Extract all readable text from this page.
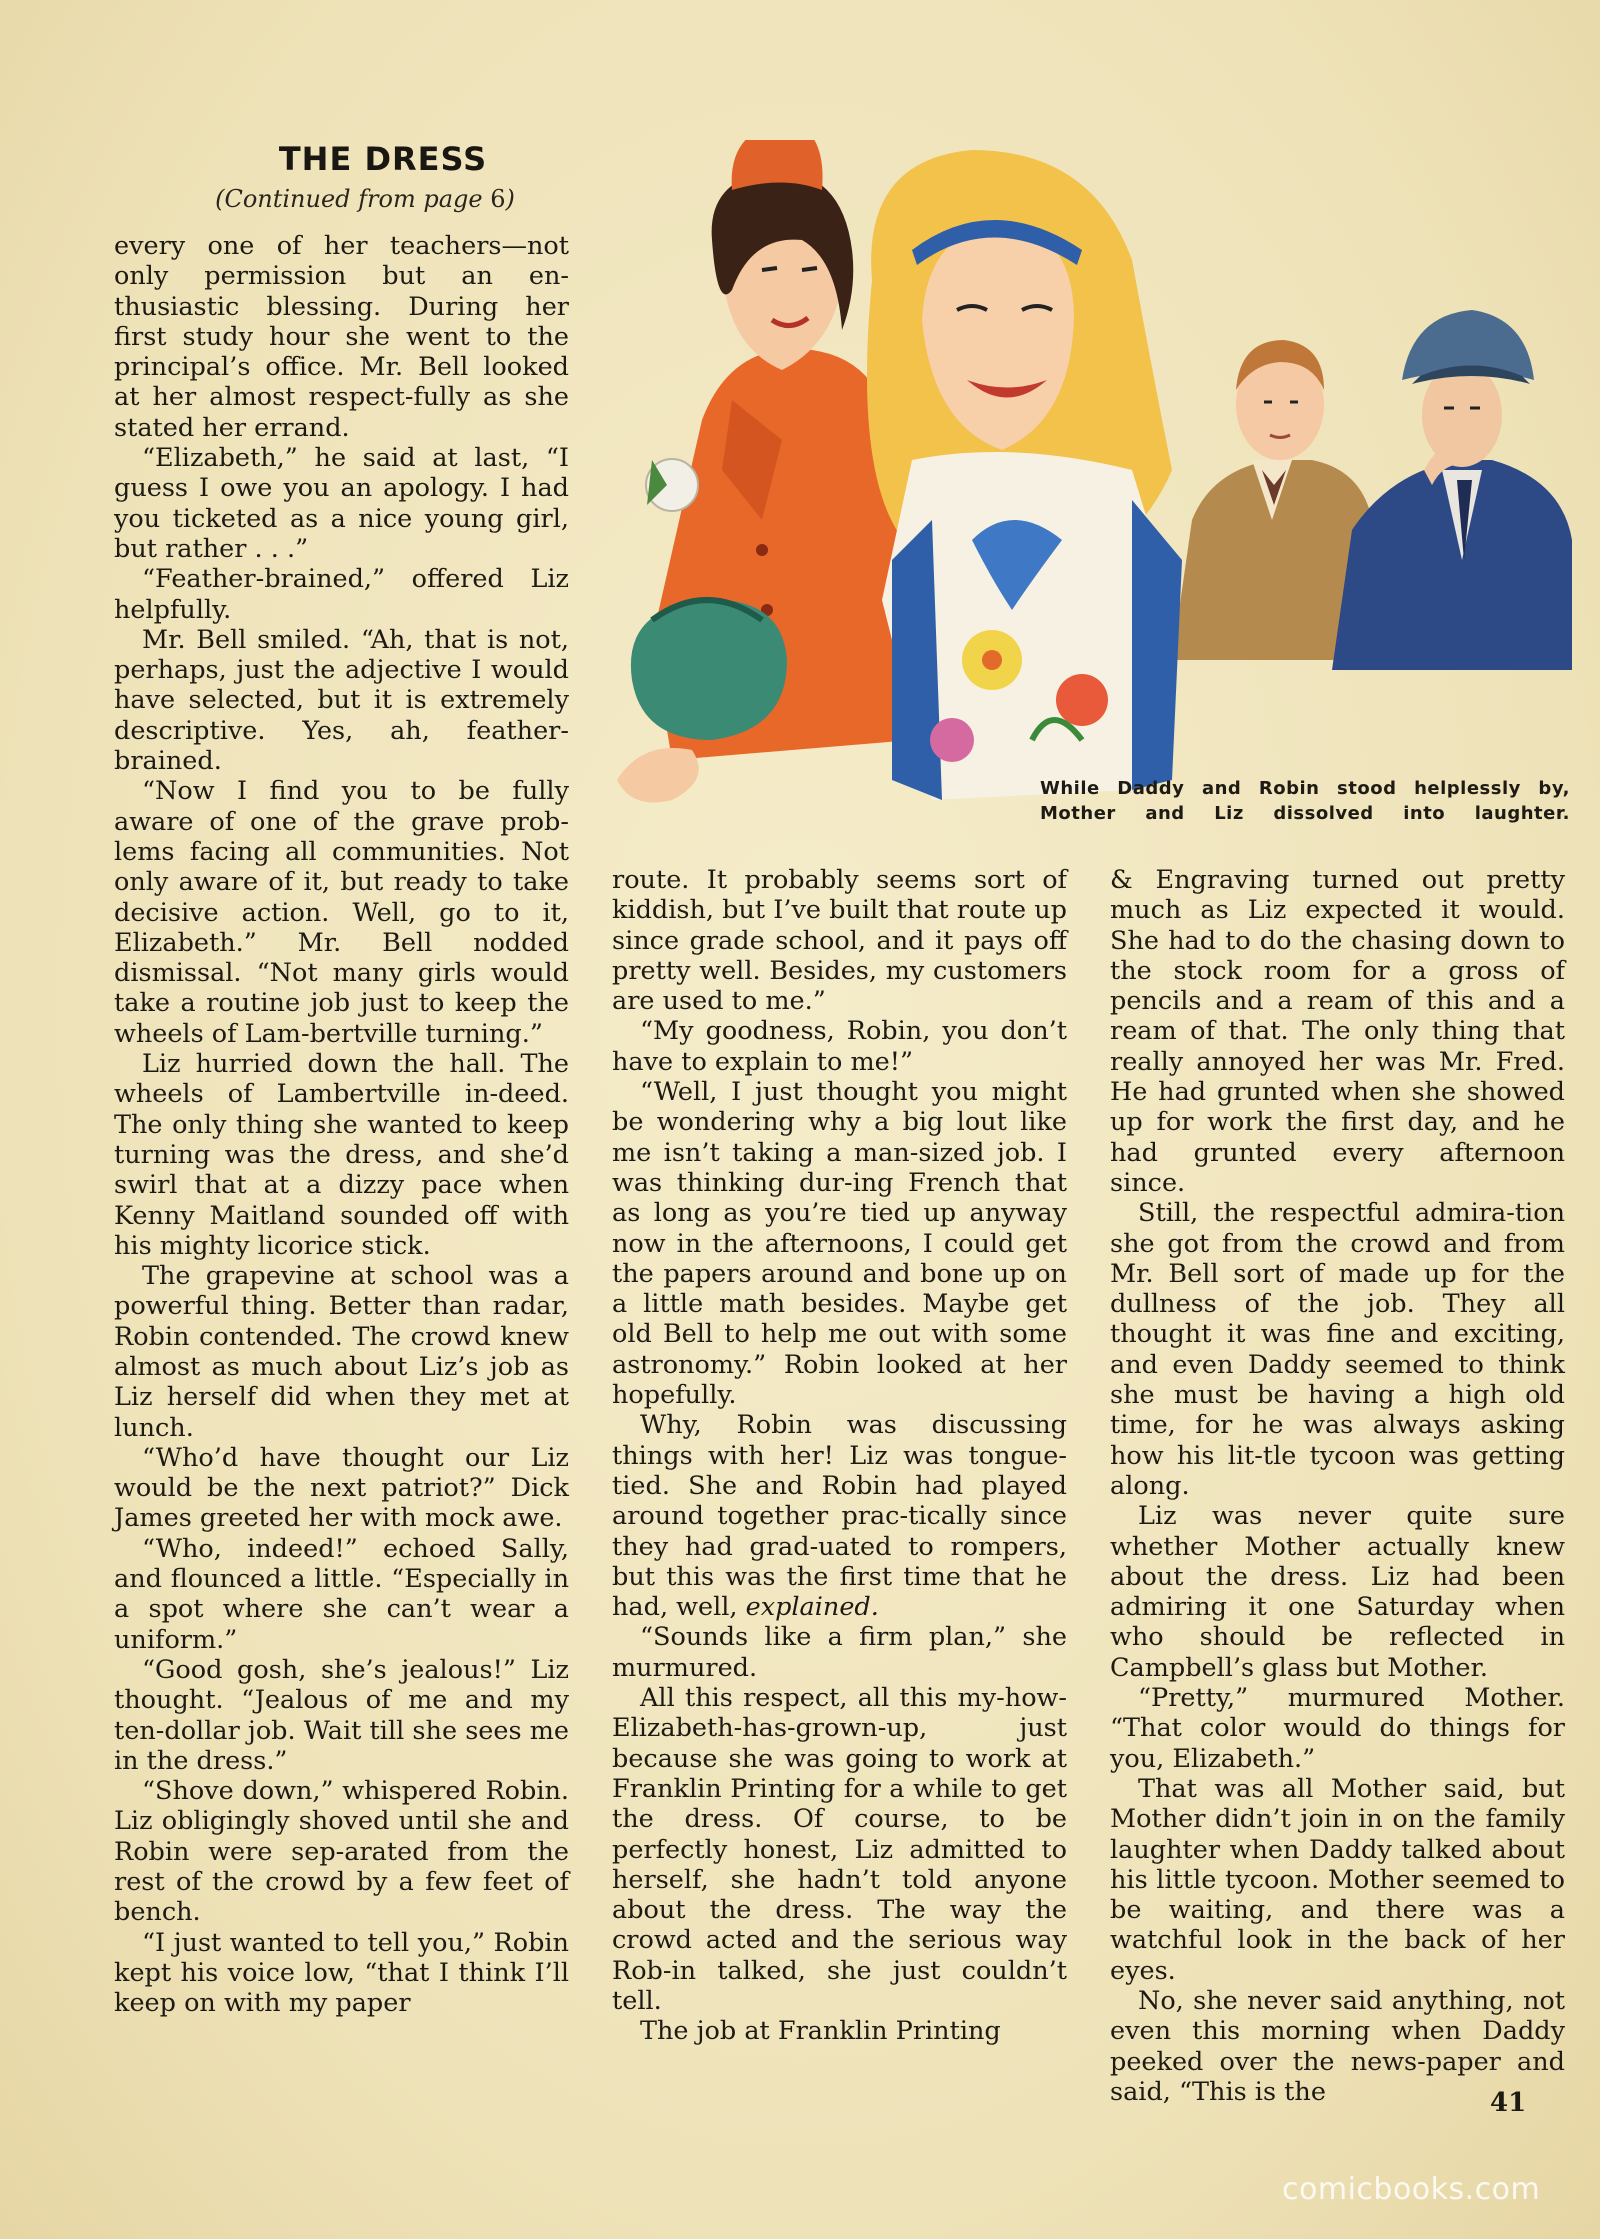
THE DRESS
(Continued from page 6)
While Daddy and Robin stood helplessly by,
Mother and Liz dissolved into laughter.

every one of her teachers—not only permission but an en-thusiastic blessing. During her first study hour she went to the principal’s office. Mr. Bell looked at her almost respect-fully as she stated her errand.

“Elizabeth,” he said at last, “I guess I owe you an apology. I had you ticketed as a nice young girl, but rather . . .”

“Feather-brained,” offered Liz helpfully.

Mr. Bell smiled. “Ah, that is not, perhaps, just the adjective I would have selected, but it is extremely descriptive. Yes, ah, feather-brained.

“Now I find you to be fully aware of one of the grave prob-lems facing all communities. Not only aware of it, but ready to take decisive action. Well, go to it, Elizabeth.” Mr. Bell nodded dismissal. “Not many girls would take a routine job just to keep the wheels of Lam-bertville turning.”

Liz hurried down the hall. The wheels of Lambertville in-deed. The only thing she wanted to keep turning was the dress, and she’d swirl that at a dizzy pace when Kenny Maitland sounded off with his mighty licorice stick.

The grapevine at school was a powerful thing. Better than radar, Robin contended. The crowd knew almost as much about Liz’s job as Liz herself did when they met at lunch.

“Who’d have thought our Liz would be the next patriot?” Dick James greeted her with mock awe.

“Who, indeed!” echoed Sally, and flounced a little. “Especially in a spot where she can’t wear a uniform.”

“Good gosh, she’s jealous!” Liz thought. “Jealous of me and my ten-dollar job. Wait till she sees me in the dress.”

“Shove down,” whispered Robin. Liz obligingly shoved until she and Robin were sep-arated from the rest of the crowd by a few feet of bench.

“I just wanted to tell you,” Robin kept his voice low, “that I think I’ll keep on with my paper

route. It probably seems sort of kiddish, but I’ve built that route up since grade school, and it pays off pretty well. Besides, my customers are used to me.”

“My goodness, Robin, you don’t have to explain to me!”

“Well, I just thought you might be wondering why a big lout like me isn’t taking a man-sized job. I was thinking dur-ing French that as long as you’re tied up anyway now in the afternoons, I could get the papers around and bone up on a little math besides. Maybe get old Bell to help me out with some astronomy.” Robin looked at her hopefully.

Why, Robin was discussing things with her! Liz was tongue-tied. She and Robin had played around together prac-tically since they had grad-uated to rompers, but this was the first time that he had, well, explained.

“Sounds like a firm plan,” she murmured.

All this respect, all this my-how-Elizabeth-has-grown-up, just because she was going to work at Franklin Printing for a while to get the dress. Of course, to be perfectly honest, Liz admitted to herself, she hadn’t told anyone about the dress. The way the crowd acted and the serious way Rob-in talked, she just couldn’t tell.

The job at Franklin Printing

& Engraving turned out pretty much as Liz expected it would. She had to do the chasing down to the stock room for a gross of pencils and a ream of this and a ream of that. The only thing that really annoyed her was Mr. Fred. He had grunted when she showed up for work the first day, and he had grunted every afternoon since.

Still, the respectful admira-tion she got from the crowd and from Mr. Bell sort of made up for the dullness of the job. They all thought it was fine and exciting, and even Daddy seemed to think she must be having a high old time, for he was always asking how his lit-tle tycoon was getting along.

Liz was never quite sure whether Mother actually knew about the dress. Liz had been admiring it one Saturday when who should be reflected in Campbell’s glass but Mother.

“Pretty,” murmured Mother. “That color would do things for you, Elizabeth.”

That was all Mother said, but Mother didn’t join in on the family laughter when Daddy talked about his little tycoon. Mother seemed to be waiting, and there was a watchful look in the back of her eyes.

No, she never said anything, not even this morning when Daddy peeked over the news-paper and said, “This is the	41
comicbooks.com
